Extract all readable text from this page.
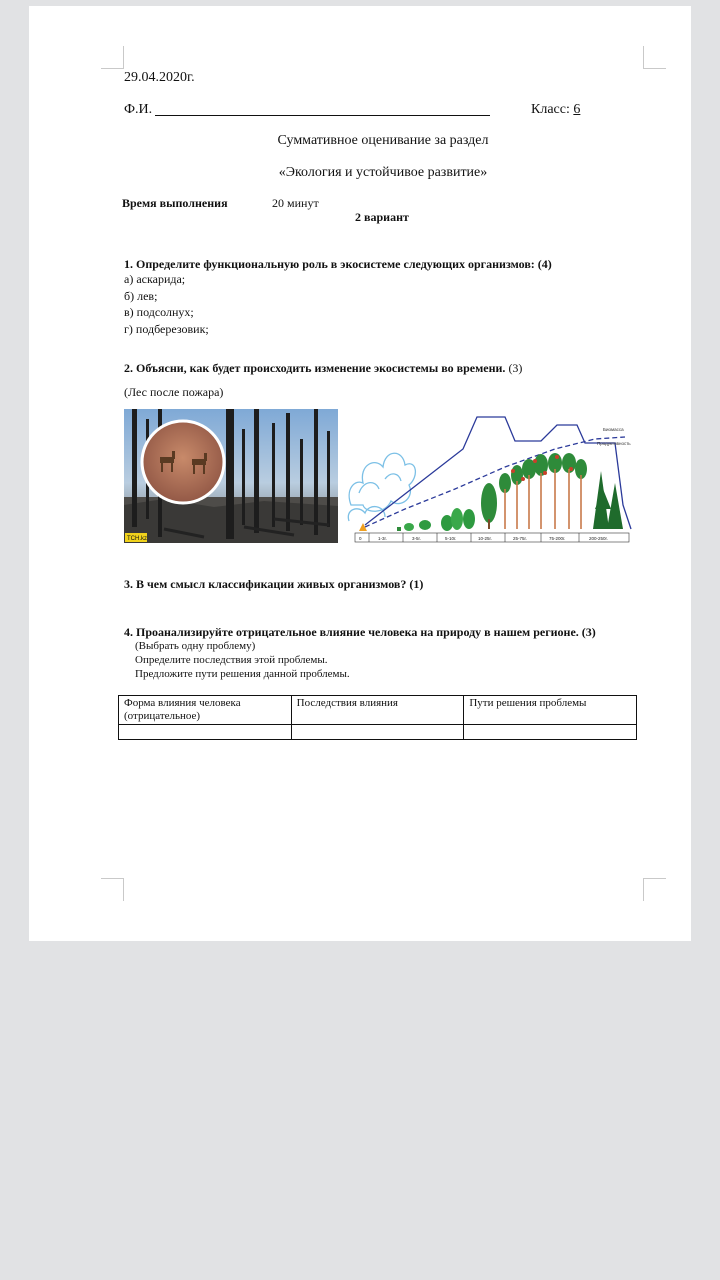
29.04.2020г.
Ф.И.	Класс: 6
Суммативное оценивание за раздел
«Экология и устойчивое развитие»
Время выполнения	20 минут
2 вариант
1. Определите функциональную роль в экосистеме следующих организмов: (4)
а) аскарида;
б) лев;
в) подсолнух;
г) подберезовик;
2. Объясни, как будет происходить изменение экосистемы во времени. (3)
(Лес после пожара)
ТСН.kz
Биомасса
Продуктивность
0	1-3г.	3-5г.	5-10г.	10-25г.	25-75г.	75-200г.	200-250г.
3. В чем смысл классификации живых организмов? (1)
4. Проанализируйте отрицательное влияние человека на природу в нашем регионе. (3)
(Выбрать одну проблему)
Определите последствия этой проблемы.
Предложите пути решения данной проблемы.
Форма влияния человека (отрицательное)	Последствия влияния	Пути решения проблемы
